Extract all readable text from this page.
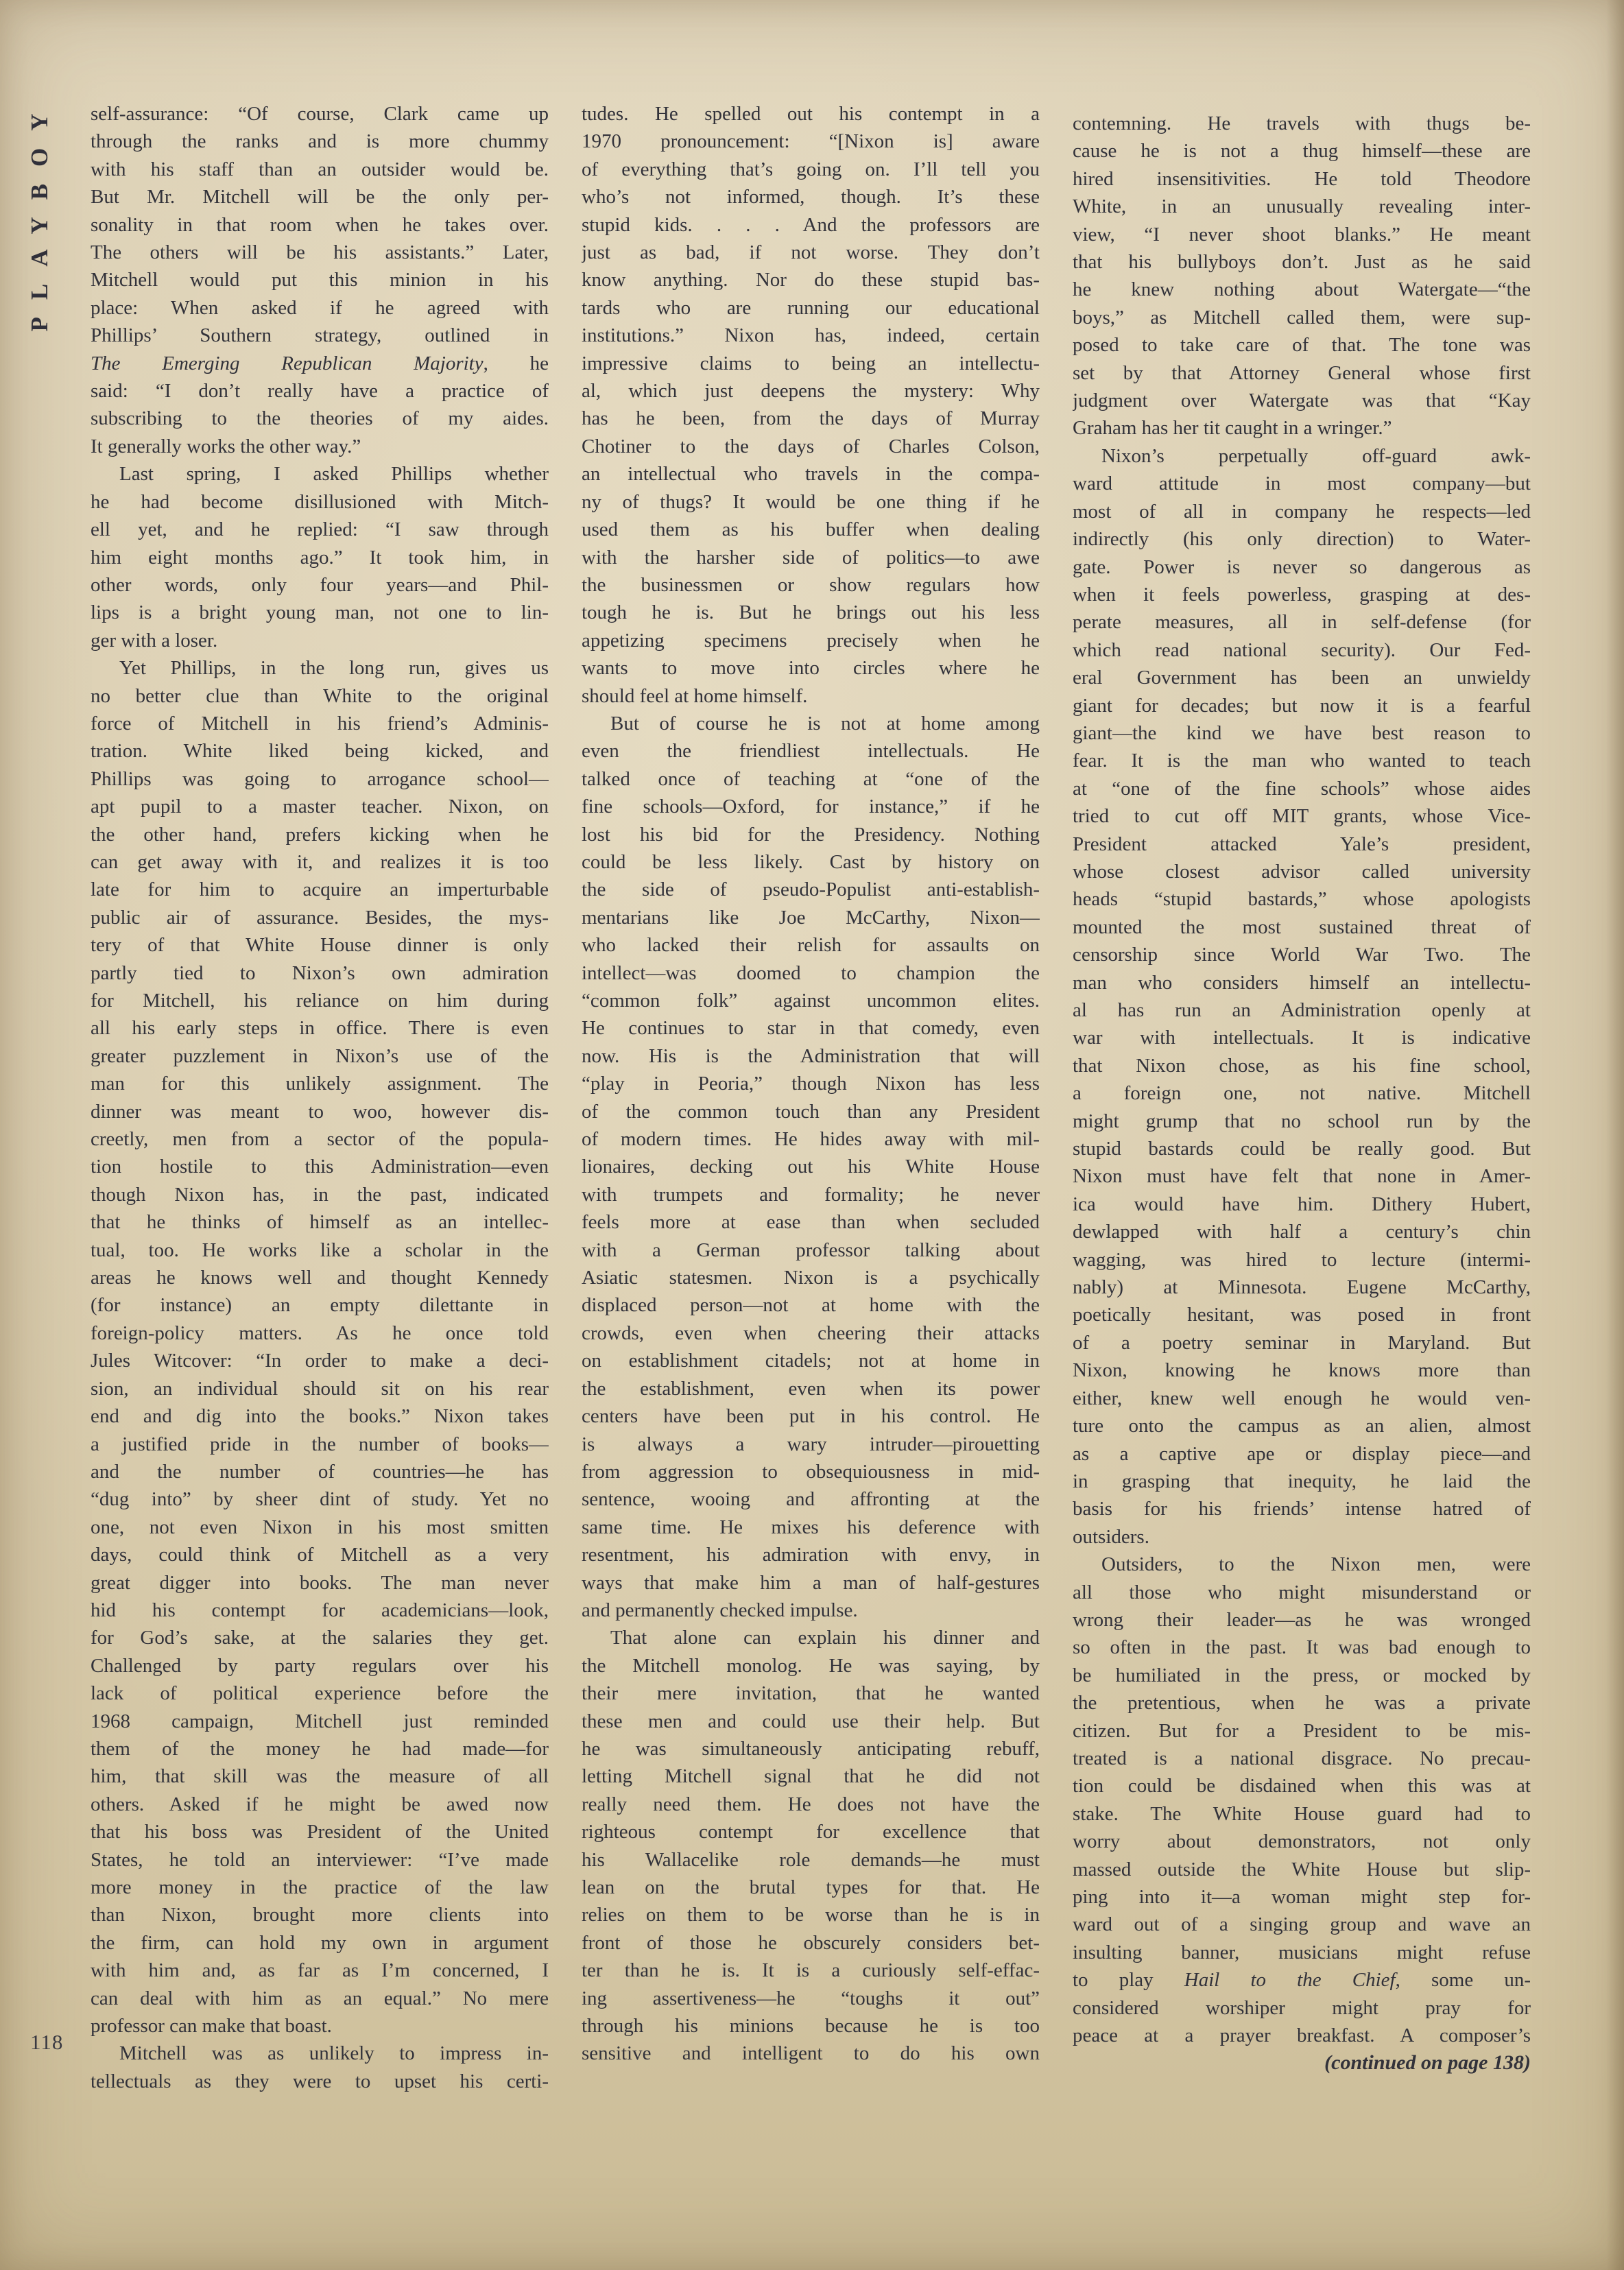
PLAYBOY self-assurance: “Of course, Clark came up
through the ranks and is more chummy
with his staff than an outsider would be.
But Mr. Mitchell will be the only per-
sonality in that room when he takes over.
The others will be his assistants.” Later,
Mitchell would put this minion in his
place: When asked if he agreed with
Phillips’ Southern strategy, outlined in
The Emerging Republican Majority, he
said: “I don’t really have a practice of
subscribing to the theories of my aides.
It generally works the other way.”
Last spring, I asked Phillips whether
he had become disillusioned with Mitch-
ell yet, and he replied: “I saw through
him eight months ago.” It took him, in
other words, only four years—and Phil-
lips is a bright young man, not one to lin-
ger with a loser.
Yet Phillips, in the long run, gives us
no better clue than White to the original
force of Mitchell in his friend’s Adminis-
tration. White liked being kicked, and
Phillips was going to arrogance school—
apt pupil to a master teacher. Nixon, on
the other hand, prefers kicking when he
can get away with it, and realizes it is too
late for him to acquire an imperturbable
public air of assurance. Besides, the mys-
tery of that White House dinner is only
partly tied to Nixon’s own admiration
for Mitchell, his reliance on him during
all his early steps in office. There is even
greater puzzlement in Nixon’s use of the
man for this unlikely assignment. The
dinner was meant to woo, however dis-
creetly, men from a sector of the popula-
tion hostile to this Administration—even
though Nixon has, in the past, indicated
that he thinks of himself as an intellec-
tual, too. He works like a scholar in the
areas he knows well and thought Kennedy
(for instance) an empty dilettante in
foreign-policy matters. As he once told
Jules Witcover: “In order to make a deci-
sion, an individual should sit on his rear
end and dig into the books.” Nixon takes
a justified pride in the number of books—
and the number of countries—he has
“dug into” by sheer dint of study. Yet no
one, not even Nixon in his most smitten
days, could think of Mitchell as a very
great digger into books. The man never
hid his contempt for academicians—look,
for God’s sake, at the salaries they get.
Challenged by party regulars over his
lack of political experience before the
1968 campaign, Mitchell just reminded
them of the money he had made—for
him, that skill was the measure of all
others. Asked if he might be awed now
that his boss was President of the United
States, he told an interviewer: “I’ve made
more money in the practice of the law
than Nixon, brought more clients into
the firm, can hold my own in argument
with him and, as far as I’m concerned, I
can deal with him as an equal.” No mere
professor can make that boast.
Mitchell was as unlikely to impress in-
tellectuals as they were to upset his certi-
tudes. He spelled out his contempt in a
1970 pronouncement: “[Nixon is] aware
of everything that’s going on. I’ll tell you
who’s not informed, though. It’s these
stupid kids. . . . And the professors are
just as bad, if not worse. They don’t
know anything. Nor do these stupid bas-
tards who are running our educational
institutions.” Nixon has, indeed, certain
impressive claims to being an intellectu-
al, which just deepens the mystery: Why
has he been, from the days of Murray
Chotiner to the days of Charles Colson,
an intellectual who travels in the compa-
ny of thugs? It would be one thing if he
used them as his buffer when dealing
with the harsher side of politics—to awe
the businessmen or show regulars how
tough he is. But he brings out his less
appetizing specimens precisely when he
wants to move into circles where he
should feel at home himself.
But of course he is not at home among
even the friendliest intellectuals. He
talked once of teaching at “one of the
fine schools—Oxford, for instance,” if he
lost his bid for the Presidency. Nothing
could be less likely. Cast by history on
the side of pseudo-Populist anti-establish-
mentarians like Joe McCarthy, Nixon—
who lacked their relish for assaults on
intellect—was doomed to champion the
“common folk” against uncommon elites.
He continues to star in that comedy, even
now. His is the Administration that will
“play in Peoria,” though Nixon has less
of the common touch than any President
of modern times. He hides away with mil-
lionaires, decking out his White House
with trumpets and formality; he never
feels more at ease than when secluded
with a German professor talking about
Asiatic statesmen. Nixon is a psychically
displaced person—not at home with the
crowds, even when cheering their attacks
on establishment citadels; not at home in
the establishment, even when its power
centers have been put in his control. He
is always a wary intruder—pirouetting
from aggression to obsequiousness in mid-
sentence, wooing and affronting at the
same time. He mixes his deference with
resentment, his admiration with envy, in
ways that make him a man of half-gestures
and permanently checked impulse.
That alone can explain his dinner and
the Mitchell monolog. He was saying, by
their mere invitation, that he wanted
these men and could use their help. But
he was simultaneously anticipating rebuff,
letting Mitchell signal that he did not
really need them. He does not have the
righteous contempt for excellence that
his Wallacelike role demands—he must
lean on the brutal types for that. He
relies on them to be worse than he is in
front of those he obscurely considers bet-
ter than he is. It is a curiously self-effac-
ing assertiveness—he “toughs it out”
through his minions because he is too
sensitive and intelligent to do his own
contemning. He travels with thugs be-
cause he is not a thug himself—these are
hired insensitivities. He told Theodore
White, in an unusually revealing inter-
view, “I never shoot blanks.” He meant
that his bullyboys don’t. Just as he said
he knew nothing about Watergate—“the
boys,” as Mitchell called them, were sup-
posed to take care of that. The tone was
set by that Attorney General whose first
judgment over Watergate was that “Kay
Graham has her tit caught in a wringer.”
Nixon’s perpetually off-guard awk-
ward attitude in most company—but
most of all in company he respects—led
indirectly (his only direction) to Water-
gate. Power is never so dangerous as
when it feels powerless, grasping at des-
perate measures, all in self-defense (for
which read national security). Our Fed-
eral Government has been an unwieldy
giant for decades; but now it is a fearful
giant—the kind we have best reason to
fear. It is the man who wanted to teach
at “one of the fine schools” whose aides
tried to cut off MIT grants, whose Vice-
President attacked Yale’s president,
whose closest advisor called university
heads “stupid bastards,” whose apologists
mounted the most sustained threat of
censorship since World War Two. The
man who considers himself an intellectu-
al has run an Administration openly at
war with intellectuals. It is indicative
that Nixon chose, as his fine school,
a foreign one, not native. Mitchell
might grump that no school run by the
stupid bastards could be really good. But
Nixon must have felt that none in Amer-
ica would have him. Dithery Hubert,
dewlapped with half a century’s chin
wagging, was hired to lecture (intermi-
nably) at Minnesota. Eugene McCarthy,
poetically hesitant, was posed in front
of a poetry seminar in Maryland. But
Nixon, knowing he knows more than
either, knew well enough he would ven-
ture onto the campus as an alien, almost
as a captive ape or display piece—and
in grasping that inequity, he laid the
basis for his friends’ intense hatred of
outsiders.
Outsiders, to the Nixon men, were
all those who might misunderstand or
wrong their leader—as he was wronged
so often in the past. It was bad enough to
be humiliated in the press, or mocked by
the pretentious, when he was a private
citizen. But for a President to be mis-
treated is a national disgrace. No precau-
tion could be disdained when this was at
stake. The White House guard had to
worry about demonstrators, not only
massed outside the White House but slip-
ping into it—a woman might step for-
ward out of a singing group and wave an
insulting banner, musicians might refuse
to play Hail to the Chief, some un-
considered worshiper might pray for
peace at a prayer breakfast. A composer’s
(continued on page 138)
118
